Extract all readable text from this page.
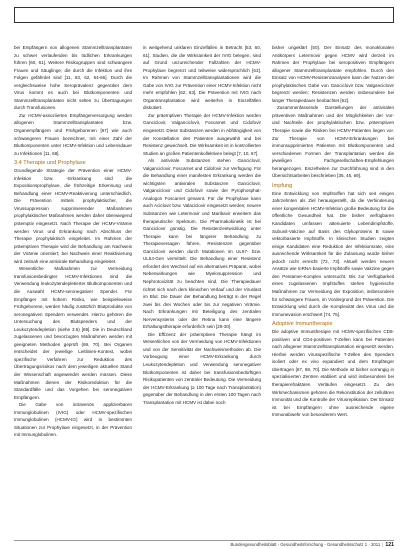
bei Empfängern von allogenen Stammzelltransplantaten zu schwer verlaufenden bis tödlichen Erkrankungen führen [60, 61]. Weitere Risikogruppen sind schwangere Frauen und Säuglinge, die durch die Infektion und ihre Folgen gefährdet sind [11, 63, 62, 64-66]. Durch die vergleichsweise hohe Seroprävalenz gegenüber dem Virus kommt es auch bei Blutkomponenten und Stammzelltransplantaten nicht selten zu Übertragungen durch Transfusionen.

Zur HCMV-assoziierten Empfängerversorgung werden allogenen Stammzelltransplantaten bzw. Organempfängern und Frühgeborenen [67] wie auch schwangeren Frauen bezeichnet, mit einer Zahl der Blutkomponenten unter HCMV-Infektion und Lebensdauer zu Infektionen [11, 68].

3.4 Therapie und Prophylaxe

Grundlegende Strategie der Prävention einer HCMV-Infektion bzw. -Erkrankung sind die Expositionsprophylaxe, die frühzeitige Erkennung und Behandlung einer HCMV-Reaktivierung unterschiedlich. Die Prävention mittels prophylaktischer, die Virussuppression supprimierender Maßnahmen prophylaktischer Maßnahmen werden daher überwiegend präemptiv eingesetzt. Nach Therapie der HCMV-Virämie werden Virus und Erkrankung nach Abschluss der Therapie prophylaktisch eingeleitet. Im Rahmen der präemptiven Therapie wird die Behandlung am Nachweis der Virämie orientiert; bei Nachweis einer Reaktivierung wird zeitnah eine antivirale Behandlung eingeleitet.

Wesentliche Maßnahmen zur Vermeidung transfusionsbedingter HCMV-Infektionen sind die Verwendung leukozytendepletierter Blutkomponenten und die Auswahl HCMV-seronegativer Spender. Für Empfänger mit hohem Risiko, wie beispielsweise Frühgeborene, werden häufig zusätzlich Blutprodukte von seronegativen Spendern verwendet. Hierzu gehören die Untersuchung des Blutspenders und der Leukozytendepletion (siehe 3.5) [69]. Die in Deutschland zugelassenen und bevorzugten Maßnahmen werden mit geeigneten Methoden geprüft (69, 70). Bei Organen entscheidet der jeweilige Leitlinien-Kontext, wobei spezifische Verfahren zur Reduktion des Übertragungsrisikos nach dem jeweiligen aktuellen Stand der Wissenschaft angewendet werden müssen. Diese Maßnahmen dienen der Risikoreduktion für die Standardfälle und das Vorgehen bei seronegativen Empfängern.

Die Gabe von intravenös applizierbaren Immunglobulinen (IVIG) oder HCMV-spezifischen Immunglobulinen (HCMV-IG) wird in bestimmten Situationen zur Prophylaxe eingesetzt, in der Prävention mit Immunglobulinen.

in weitgehend unklaren Einzelfällen in Betracht [53, 60, 61]. Studien, die die Wirksamkeit der IVIG belegen, sind auf Grund unzureichender Fallzahlen der HCMV-Prophylaxe begrenzt und teilweise widersprüchlich [63]. Im Rahmen von Stammzelltransplantationen wird die Gabe von IVIG zur Prävention einer HCMV-Infektion nicht mehr empfohlen [62, 63]. Die Prävention mit IVIG nach Organtransplantation wird weiterhin in Einzelfällen diskutiert.

Zur präemptiven Therapie der HCMV-Infektion werden Ganciclovir, Valganciclovir, Foscarnet und Cidofovir eingesetzt. Diese Substanzen werden in Abhängigkeit von der Konstellation des Patienten ausgewählt und bei Resistenz gewechselt. Die Wirksamkeit ist in kontrollierten Studien an großen Patientenkollektiven belegt [7, 10, 67].

Als antivirale Substanzen stehen Ganciclovir, Valganciclovir, Foscarnet und Cidofovir zur Verfügung. Für die Behandlung einer manifesten Erkrankung werden die wichtigsten antiviralen Substanzen Ganciclovir, Valganciclovir und Cidofovir sowie der Pyrophosphat-Analogon Foscarnet genannt. Für die Prophylaxe kann auch Aciclovir bzw. Valaciclovir eingesetzt werden; neuere Substanzen wie Letermovir und Maribavir erweitern das therapeutische Spektrum. Die Pharmakokinetik ist bei Ganciclovir günstig. Die Resistenzentwicklung unter Therapie kann bei längerer Behandlung zu Therapieversagen führen, Resistenzen gegenüber Ganciclovir werden durch Mutationen im UL97- bzw. UL54-Gen vermittelt. Die Behandlung einer Resistenz erfordert den Wechsel auf ein alternatives Präparat, wobei Nebenwirkungen wie Myelosuppression und Nephrotoxizität zu beachten sind. Die Therapiedauer richtet sich nach dem klinischen Verlauf und der Viruslast im Blut. Die Dauer der Behandlung beträgt in der Regel zwei bis drei Wochen oder bis zur negativen Virämie. Nach Erkrankungen mit Beteiligung des zentralen Nervensystems oder der Retina kann eine längere Erhaltungstherapie erforderlich sein [28-30].

Die Effizienz der präemptiven Therapie hängt im Wesentlichen von der Vermeidung von HCMV-Infektionen und von der Sensitivität der Nachweismethoden ab. Die Vorbeugung einer HCMV-Erkrankung durch Leukozytendepletion und Verwendung seronegativer Blutkomponenten ist daher bei transfusionsbedürftigen Risikopatienten von zentraler Bedeutung. Die Vermeidung der HCMV-Erkrankung (≥ 100 Tage nach Transplantation) gegenüber der Behandlung in den ersten 100 Tagen nach Transplantation mit HCMV ist dabei noch

bisher ungeklärt [50]. Der Einsatz des monoklonalen Antikörpers Letermovir gegen HCMV wird derzeit im Rahmen der Prophylaxe bei seropositiven Empfängern allogener Stammzelltransplantate empfohlen. Durch den Einsatz von HCMV-Resistenzanalysen kann der Nutzen der prophylaktischen Gabe von Ganciclovir bzw. Valganciclovir begrenzt werden; Resistenzen werden insbesondere bei langer Therapiedauer beobachtet [62].

Zusammenfassende Darstellungen der antiviralen präventiven Maßnahmen und der Möglichkeiten der Vor- und Nachteile der prophylaktischen bzw. präemptiven Therapie sowie die Risiken bei HCMV-Patienten liegen vor. Zur Therapie von HCMV-Erkrankungen bei immunsupprimierten Patienten mit Blutkomponenten und verschiedenen Formen der Transplantation werden die jeweiligen Fachgesellschaften-Empfehlungen herangezogen. Einzelheiten zur Durchführung sind in den Übersichtsarbeiten beschrieben [35, 45, 69].

Impfung

Eine Entwicklung von Impfstoffen hat sich seit einigen Jahrzehnten als Ziel herausgestellt, da die Verhinderung einer kongenitalen HCMV-Infektion große Bedeutung für die öffentliche Gesundheit hat. Die bisher verfügbaren Kandidaten umfassen attenuierte Lebendimpfstoffe, Subunit-Vakzine auf Basis des Glykoproteins B sowie vektorbasierte Impfstoffe. In klinischen Studien zeigten einige Kandidaten eine Reduktion der Infektionsrate, eine ausreichende Wirksamkeit für die Zulassung wurde bisher jedoch nicht erreicht [72, 73]. Aktuell werden neuere Ansätze wie mRNA-basierte Impfstoffe sowie Vakzine gegen den Pentamer-Komplex untersucht. Bis zur Verfügbarkeit eines zugelassenen Impfstoffes stehen hygienische Maßnahmen zur Vermeidung der Exposition, insbesondere für schwangere Frauen, im Vordergrund der Prävention. Die Entwicklung wird durch die Komplexität des Virus und die Immunevasion erschwert [74, 75].

Adoptive Immuntherapie

Die adoptive Immuntherapie mit HCMV-spezifischen CD8-positiven und CD4-positiven T-Zellen kann bei Patienten nach allogener Stammzelltransplantation eingesetzt werden. Hierbei werden virusspezifische T-Zellen des Spenders isoliert oder ex vivo expandiert und dem Empfänger übertragen [67, 68, 70]. Die Methode ist bisher vorrangig in spezialisierten Zentren etabliert und wird insbesondere bei therapierefraktären Verläufen eingesetzt. Zu den Wirkmechanismen gehören die Rekonstitution der zellulären Immunität und die Kontrolle der Virusreplikation. Der Einsatz ist bei Empfängern ohne ausreichende eigene Immunabwehr von besonderem Wert.

Bundesgesundheitsblatt - Gesundheitsforschung - Gesundheitsschutz 1 · 2011 | 121
